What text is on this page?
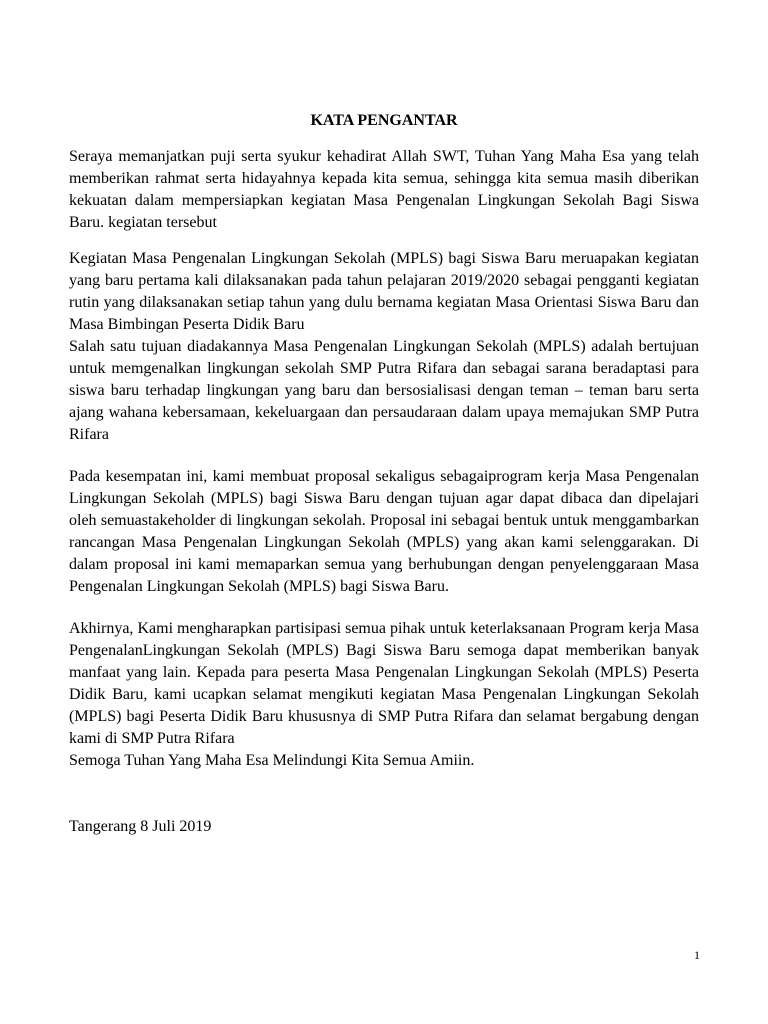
KATA PENGANTAR

Seraya memanjatkan puji serta syukur kehadirat Allah SWT, Tuhan Yang Maha Esa yang telah memberikan rahmat serta hidayahnya kepada kita semua, sehingga kita semua masih diberikan kekuatan dalam mempersiapkan kegiatan Masa Pengenalan Lingkungan Sekolah Bagi Siswa Baru. kegiatan tersebut

Kegiatan Masa Pengenalan Lingkungan Sekolah (MPLS) bagi Siswa Baru meruapakan kegiatan yang baru pertama kali dilaksanakan pada tahun pelajaran 2019/2020 sebagai pengganti kegiatan rutin yang dilaksanakan setiap tahun yang dulu bernama kegiatan Masa Orientasi Siswa Baru dan Masa Bimbingan Peserta Didik Baru

Salah satu tujuan diadakannya Masa Pengenalan Lingkungan Sekolah (MPLS) adalah bertujuan untuk memgenalkan lingkungan sekolah SMP Putra Rifara dan sebagai sarana beradaptasi para siswa baru terhadap lingkungan yang baru dan bersosialisasi dengan teman – teman baru serta ajang wahana kebersamaan, kekeluargaan dan persaudaraan dalam upaya memajukan SMP Putra Rifara

Pada kesempatan ini, kami membuat proposal sekaligus sebagaiprogram kerja Masa Pengenalan Lingkungan Sekolah (MPLS) bagi Siswa Baru dengan tujuan agar dapat dibaca dan dipelajari oleh semuastakeholder di lingkungan sekolah. Proposal ini sebagai bentuk untuk menggambarkan rancangan Masa Pengenalan Lingkungan Sekolah (MPLS) yang akan kami selenggarakan. Di dalam proposal ini kami memaparkan semua yang berhubungan dengan penyelenggaraan Masa Pengenalan Lingkungan Sekolah (MPLS) bagi Siswa Baru.

Akhirnya, Kami mengharapkan partisipasi semua pihak untuk keterlaksanaan Program kerja Masa PengenalanLingkungan Sekolah (MPLS) Bagi Siswa Baru semoga dapat memberikan banyak manfaat yang lain. Kepada para peserta Masa Pengenalan Lingkungan Sekolah (MPLS) Peserta Didik Baru, kami ucapkan selamat mengikuti kegiatan Masa Pengenalan Lingkungan Sekolah (MPLS) bagi Peserta Didik Baru khususnya di SMP Putra Rifara dan selamat bergabung dengan kami di SMP Putra Rifara

Semoga Tuhan Yang Maha Esa Melindungi Kita Semua Amiin.

Tangerang 8 Juli 2019

1
